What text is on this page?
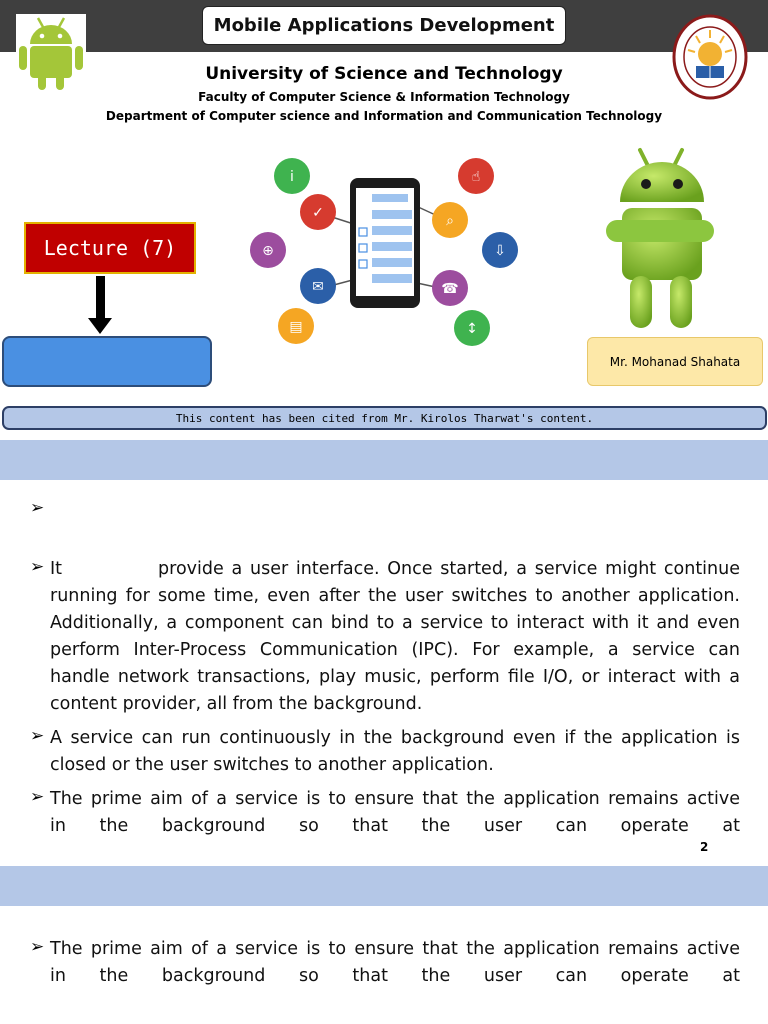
Mobile Applications Development
University of Science and Technology
Faculty of Computer Science & Information Technology
Department of Computer science and Information and Communication Technology
Lecture (7)
i
✓
⊕
✉
▤
☝
⌕
⇩
☎
↕
Mr. Mohanad Shahata
This content has been cited from Mr. Kirolos Tharwat's content.
➢
➢ It	provide a user interface. Once started, a service might continue
running for some time, even after the user switches to another application.
Additionally, a component can bind to a service to interact with it and even
perform Inter-Process Communication (IPC). For example, a service can
handle network transactions, play music, perform file I/O, or interact with a
content provider, all from the background.
➢ A service can run continuously in the background even if the application is
closed or the user switches to another application.
➢ The prime aim of a service is to ensure that the application remains active
in the background so that the user can operate at
2
➢ The prime aim of a service is to ensure that the application remains active
in the background so that the user can operate at
